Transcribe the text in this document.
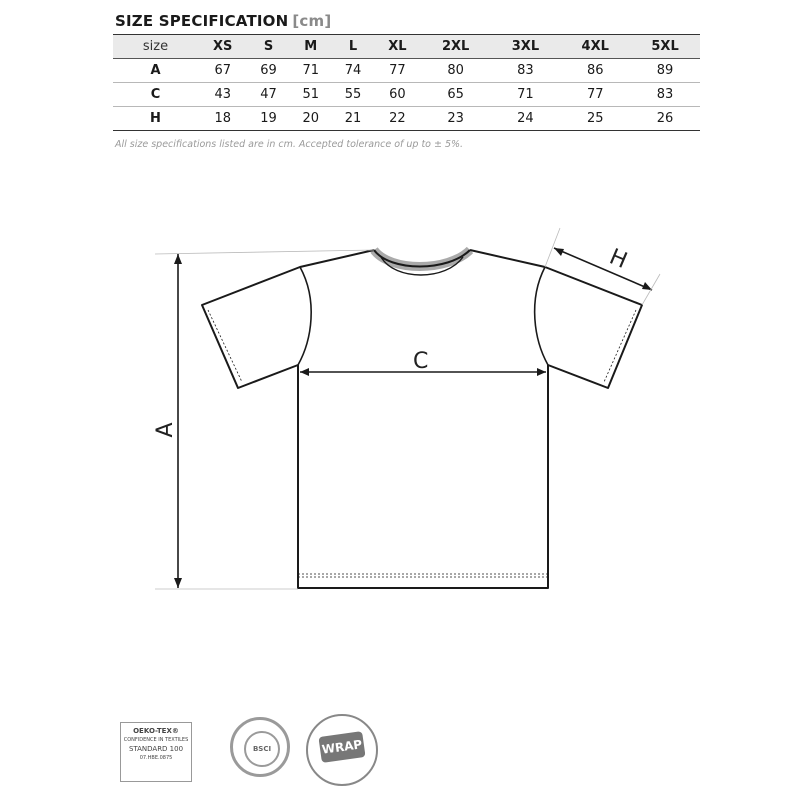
SIZE SPECIFICATION [cm]
size	XS	S	M	L	XL	2XL	3XL	4XL	5XL
A	67	69	71	74	77	80	83	86	89
C	43	47	51	55	60	65	71	77	83
H	18	19	20	21	22	23	24	25	26
All size specifications listed are in cm. Accepted tolerance of up to ± 5%.
C
A
H
OEKO-TEX®
CONFIDENCE IN TEXTILES
STANDARD 100
07.HBE.0875
BSCI	WRAP
